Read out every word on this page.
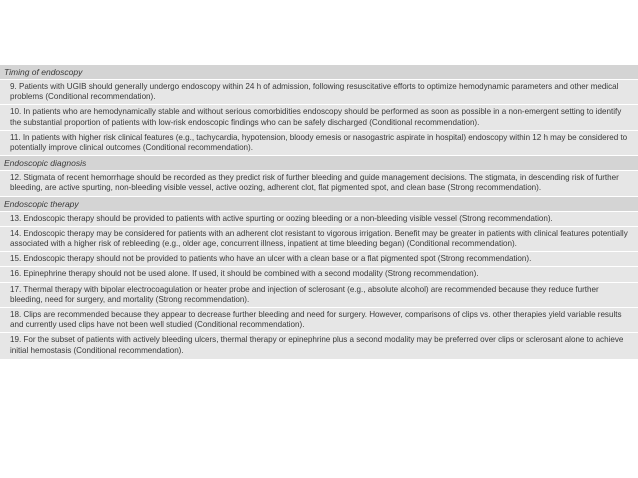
Timing of endoscopy
9. Patients with UGIB should generally undergo endoscopy within 24 h of admission, following resuscitative efforts to optimize hemodynamic parameters and other medical problems (Conditional recommendation).
10. In patients who are hemodynamically stable and without serious comorbidities endoscopy should be performed as soon as possible in a non-emergent setting to identify the substantial proportion of patients with low-risk endoscopic findings who can be safely discharged (Conditional recommendation).
11. In patients with higher risk clinical features (e.g., tachycardia, hypotension, bloody emesis or nasogastric aspirate in hospital) endoscopy within 12 h may be considered to potentially improve clinical outcomes (Conditional recommendation).
Endoscopic diagnosis
12. Stigmata of recent hemorrhage should be recorded as they predict risk of further bleeding and guide management decisions. The stigmata, in descending risk of further bleeding, are active spurting, non-bleeding visible vessel, active oozing, adherent clot, flat pigmented spot, and clean base (Strong recommendation).
Endoscopic therapy
13. Endoscopic therapy should be provided to patients with active spurting or oozing bleeding or a non-bleeding visible vessel (Strong recommendation).
14. Endoscopic therapy may be considered for patients with an adherent clot resistant to vigorous irrigation. Benefit may be greater in patients with clinical features potentially associated with a higher risk of rebleeding (e.g., older age, concurrent illness, inpatient at time bleeding began) (Conditional recommendation).
15. Endoscopic therapy should not be provided to patients who have an ulcer with a clean base or a flat pigmented spot (Strong recommendation).
16. Epinephrine therapy should not be used alone. If used, it should be combined with a second modality (Strong recommendation).
17. Thermal therapy with bipolar electrocoagulation or heater probe and injection of sclerosant (e.g., absolute alcohol) are recommended because they reduce further bleeding, need for surgery, and mortality (Strong recommendation).
18. Clips are recommended because they appear to decrease further bleeding and need for surgery. However, comparisons of clips vs. other therapies yield variable results and currently used clips have not been well studied (Conditional recommendation).
19. For the subset of patients with actively bleeding ulcers, thermal therapy or epinephrine plus a second modality may be preferred over clips or sclerosant alone to achieve initial hemostasis (Conditional recommendation).
